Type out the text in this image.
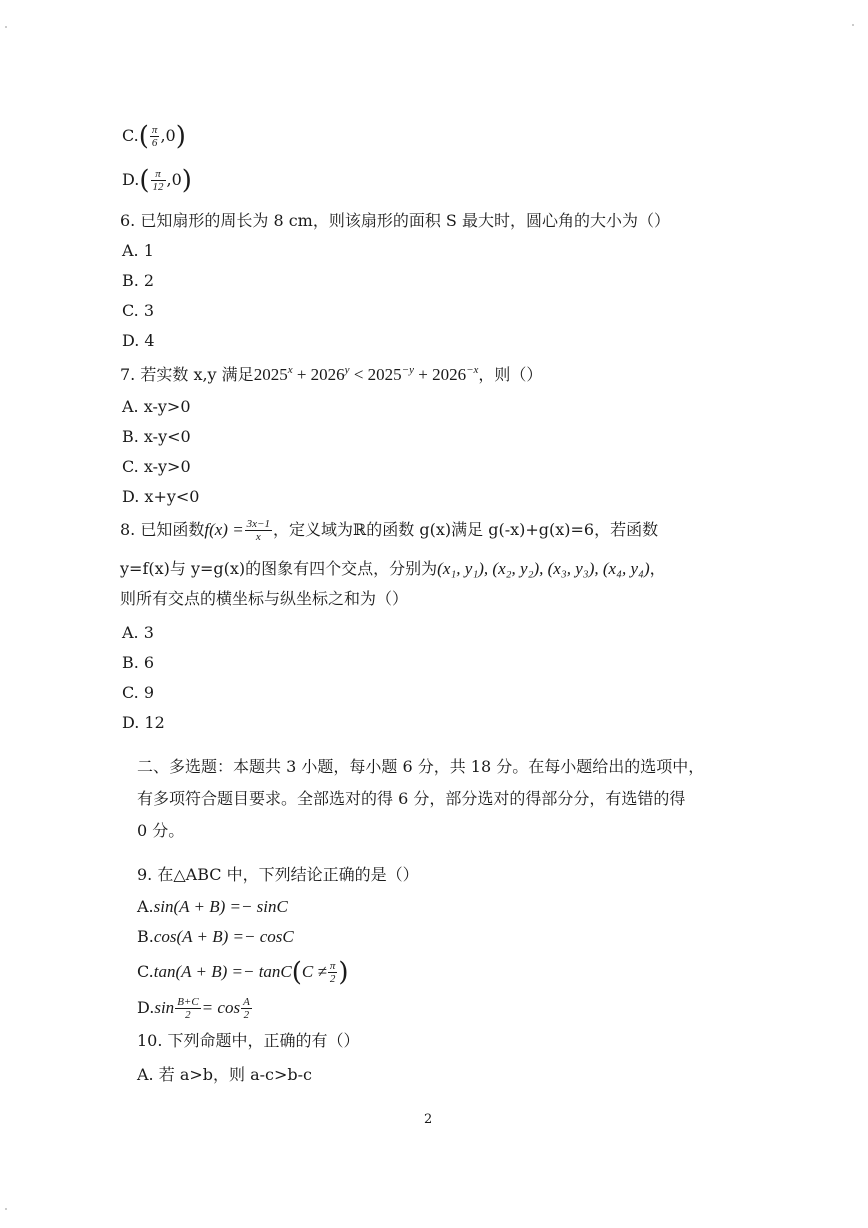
$C.( \frac{\pi}{6} ,0)$
$D.( \frac{\pi}{12} ,0)$
6. 已知扇形的周长为 8 cm，则该扇形的面积 S 最大时，圆心角的大小为（）
A. 1
B. 2
C. 3
D. 4
7. 若实数 x,y 满足$2025^x + 2026^y < 2025^{-y} + 2026^{-x}$，则（）
A. x-y>0
B. x-y<0
C. x-y>0
D. x+y<0
8. 已知函数$f(x) = \frac{3x-1}{x}$ ，定义域为ℝ的函数 g(x)满足 g(-x)+g(x)=6，若函数
y=f(x)与 y=g(x)的图象有四个交点，分别为(x₁, y₁), (x₂, y₂), (x₃, y₃), (x₄, y₄)，
则所有交点的横坐标与纵坐标之和为（）
A. 3
B. 6
C. 9
D. 12
二、多选题：本题共 3 小题，每小题 6 分，共 18 分。在每小题给出的选项中，
有多项符合题目要求。全部选对的得 6 分，部分选对的得部分分，有选错的得
0 分。
9. 在△ABC 中，下列结论正确的是（）
A.sin(A + B) =− sinC
B.cos(A + B) =− cosC
$C.\tan(A + B) =- \tan C(C \ne \frac{\pi}{2}$ )
$D.\sin \frac{B+C}{2} = \cos \frac{A}{2}$
10. 下列命题中，正确的有（）
A. 若 a>b，则 a-c>b-c
2
